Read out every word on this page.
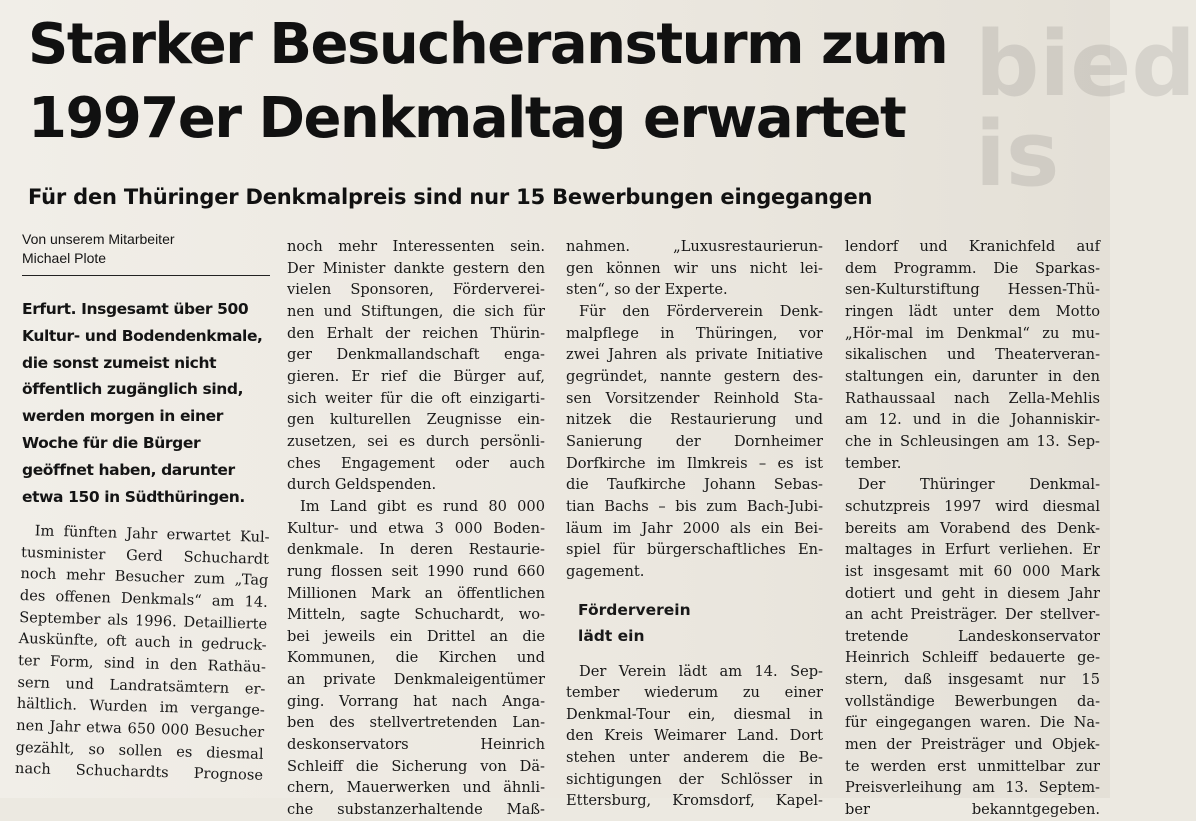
bied
is
Starker Besucheransturm zum
1997er Denkmaltag erwartet
Für den Thüringer Denkmalpreis sind nur 15 Bewerbungen eingegangen
Von unserem Mitarbeiter
Michael Plote
Erfurt. Insgesamt über 500 Kultur- und Bodendenkmale, die sonst zumeist nicht öffentlich zugänglich sind, werden morgen in einer Woche für die Bürger geöffnet haben, darunter etwa 150 in Südthüringen.
Im fünften Jahr erwartet Kul-
tusminister Gerd Schuchardt
noch mehr Besucher zum „Tag
des offenen Denkmals“ am 14.
September als 1996. Detaillierte
Auskünfte, oft auch in gedruck-
ter Form, sind in den Rathäu-
sern und Landratsämtern er-
hältlich. Wurden im vergange-
nen Jahr etwa 650 000 Besucher
gezählt, so sollen es diesmal
nach Schuchardts Prognose
noch mehr Interessenten sein.
Der Minister dankte gestern den
vielen Sponsoren, Förderverei-
nen und Stiftungen, die sich für
den Erhalt der reichen Thürin-
ger Denkmallandschaft enga-
gieren. Er rief die Bürger auf,
sich weiter für die oft einzigarti-
gen kulturellen Zeugnisse ein-
zusetzen, sei es durch persönli-
ches Engagement oder auch
durch Geldspenden.
Im Land gibt es rund 80 000
Kultur- und etwa 3 000 Boden-
denkmale. In deren Restaurie-
rung flossen seit 1990 rund 660
Millionen Mark an öffentlichen
Mitteln, sagte Schuchardt, wo-
bei jeweils ein Drittel an die
Kommunen, die Kirchen und
an private Denkmaleigentümer
ging. Vorrang hat nach Anga-
ben des stellvertretenden Lan-
deskonservators Heinrich
Schleiff die Sicherung von Dä-
chern, Mauerwerken und ähnli-
che substanzerhaltende Maß-
nahmen. „Luxusrestaurierun-
gen können wir uns nicht lei-
sten“, so der Experte.
Für den Förderverein Denk-
malpflege in Thüringen, vor
zwei Jahren als private Initiative
gegründet, nannte gestern des-
sen Vorsitzender Reinhold Sta-
nitzek die Restaurierung und
Sanierung der Dornheimer
Dorfkirche im Ilmkreis – es ist
die Taufkirche Johann Sebas-
tian Bachs – bis zum Bach-Jubi-
läum im Jahr 2000 als ein Bei-
spiel für bürgerschaftliches En-
gagement.
Förderverein
lädt ein
Der Verein lädt am 14. Sep-
tember wiederum zu einer
Denkmal-Tour ein, diesmal in
den Kreis Weimarer Land. Dort
stehen unter anderem die Be-
sichtigungen der Schlösser in
Ettersburg, Kromsdorf, Kapel-
lendorf und Kranichfeld auf
dem Programm. Die Sparkas-
sen-Kulturstiftung Hessen-Thü-
ringen lädt unter dem Motto
„Hör-mal im Denkmal“ zu mu-
sikalischen und Theaterveran-
staltungen ein, darunter in den
Rathaussaal nach Zella-Mehlis
am 12. und in die Johanniskir-
che in Schleusingen am 13. Sep-
tember.
Der Thüringer Denkmal-
schutzpreis 1997 wird diesmal
bereits am Vorabend des Denk-
maltages in Erfurt verliehen. Er
ist insgesamt mit 60 000 Mark
dotiert und geht in diesem Jahr
an acht Preisträger. Der stellver-
tretende Landeskonservator
Heinrich Schleiff bedauerte ge-
stern, daß insgesamt nur 15
vollständige Bewerbungen da-
für eingegangen waren. Die Na-
men der Preisträger und Objek-
te werden erst unmittelbar zur
Preisverleihung am 13. Septem-
ber bekanntgegeben.
